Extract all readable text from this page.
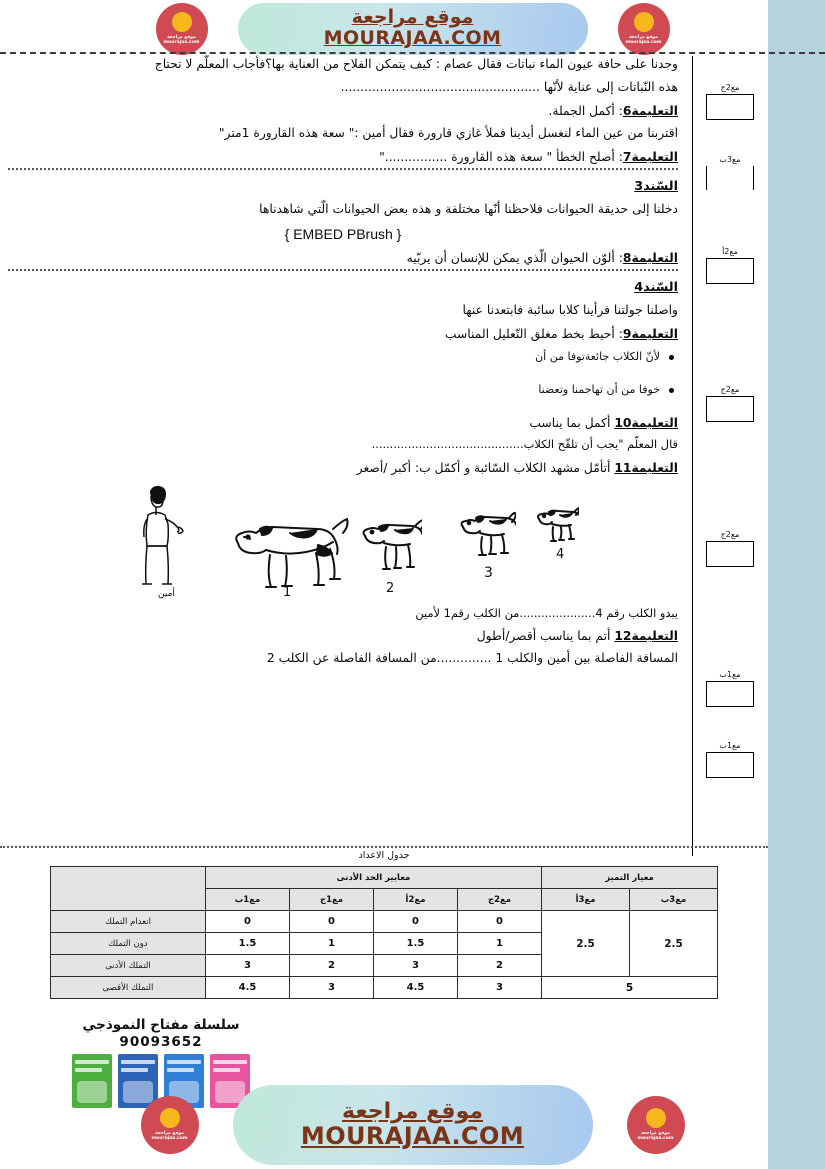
موقع مراجعة mourajaa.com
موقع مراجعة
MOURAJAA.COM	موقع مراجعة mourajaa.com
مع2ج
مع3ب
مع2أ
مع2ج
مع2ج
مع1ب
مع1ب

وجدنا على حافة عيون الماء نباتات فقال عصام : كيف يتمكن الفلاح من العناية بها؟فأجاب المعلّم لا تحتاج

هذه النّباتات إلى عناية لأنّها ...................................................

التعليمة6: أكمل الجملة.

اقتربنا من عين الماء لنغسل أيدينا فملأ غازي قارورة فقال أمين :" سعة هذه القارورة 1متر"

التعليمة7: أصلح الخطأ " سعة هذه القارورة ................"

السّند3

دخلنا إلى حديقة الحيوانات فلاحظنا أنّها مختلفة و هذه بعض الحيوانات الّتي شاهدناها

{ EMBED PBrush }

التعليمة8: ألوّن الحيوان الّذي يمكن للإنسان أن يربّيه

السّند4

واصلنا جولتنا فرأينا كلابا سائبة فابتعدنا عنها

التعليمة9: أحيط بخط مغلق التّعليل المناسب

لأنّ الكلاب جائعةتوفا من أن
خوفا من أن تهاجمنا وتعضنا

التعليمة10 أكمل بما يناسب

قال المعلّم "يجب أن تلقّح الكلاب..........................................

التعليمة11 أتأمّل مشهد الكلاب السّائبة و أكمّل ب: أكبر /أصغر

أمين	1	2
3
4

يبدو الكلب رقم 4.....................من الكلب رقم1 لأمين

التعليمة12 أتم بما يناسب أقصر/أطول

المسافة الفاصلة بين أمين والكلب 1 ..............من المسافة الفاصلة عن الكلب 2

جدول الاعداد
معيار التميز		معايير الحد الأدنى				
مع3ب	مع3أ	مع2ج	مع2أ	مع1ج	مع1ب	
2.5	2.5	0	0	0	0	انعدام التملك
		1	1.5	1	1.5	دون التملك
		2	3	2	3	التملك الأدنى
5		3	4.5	3	4.5	التملك الأقصى
سلسلة مفتاح النموذجي
90093652
موقع مراجعة mourajaa.com
موقع مراجعة
MOURAJAA.COM	موقع مراجعة mourajaa.com
